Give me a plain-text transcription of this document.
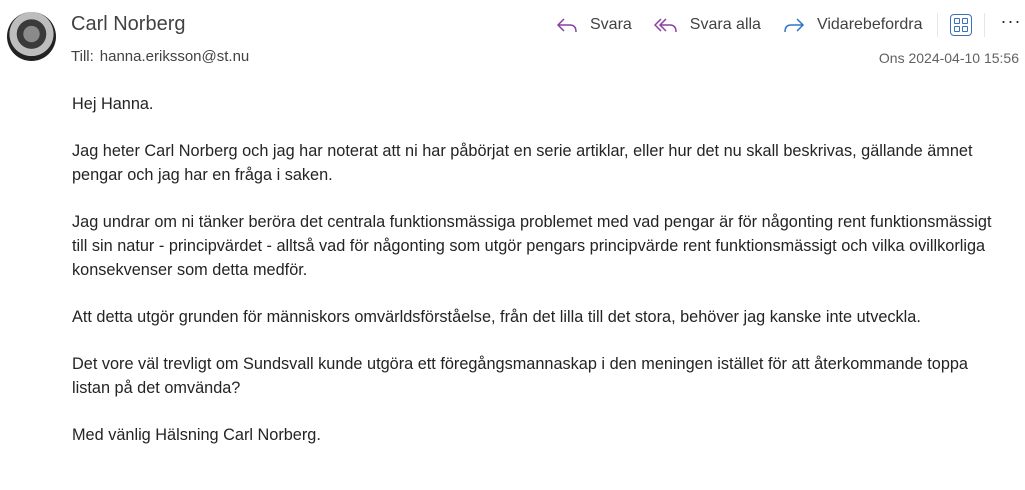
Carl Norberg
Till: hanna.eriksson@st.nu
Svara	Svara alla	Vidarebefordra	···
Ons 2024-04-10 15:56

Hej Hanna.

Jag heter Carl Norberg och jag har noterat att ni har påbörjat en serie artiklar, eller hur det nu skall beskrivas, gällande ämnet pengar och jag har en fråga i saken.

Jag undrar om ni tänker beröra det centrala funktionsmässiga problemet med vad pengar är för någonting rent funktionsmässigt till sin natur - principvärdet - alltså vad för någonting som utgör pengars principvärde rent funktionsmässigt och vilka ovillkorliga konsekvenser som detta medför.

Att detta utgör grunden för människors omvärldsförståelse, från det lilla till det stora, behöver jag kanske inte utveckla.

Det vore väl trevligt om Sundsvall kunde utgöra ett föregångsmannaskap i den meningen istället för att återkommande toppa listan på det omvända?

Med vänlig Hälsning Carl Norberg.
